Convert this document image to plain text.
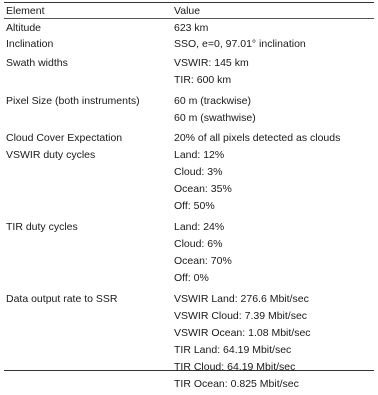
Element	Value
Altitude	623 km
Inclination	SSO, e=0, 97.01° inclination
Swath widths	VSWIR: 145 km
TIR: 600 km
Pixel Size (both instruments)	60 m (trackwise)
60 m (swathwise)
Cloud Cover Expectation	20% of all pixels detected as clouds
VSWIR duty cycles	Land: 12%
Cloud: 3%
Ocean: 35%
Off: 50%
TIR duty cycles	Land: 24%
Cloud: 6%
Ocean: 70%
Off: 0%
Data output rate to SSR	VSWIR Land: 276.6 Mbit/sec
VSWIR Cloud: 7.39 Mbit/sec
VSWIR Ocean: 1.08 Mbit/sec
TIR Land: 64.19 Mbit/sec
TIR Cloud: 64.19 Mbit/sec
TIR Ocean: 0.825 Mbit/sec
